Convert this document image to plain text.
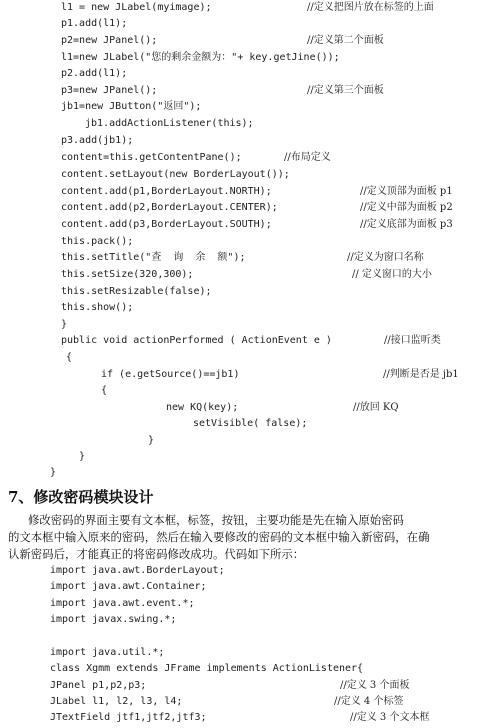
l1 = new JLabel(myimage);	//定义把图片放在标签的上面
p1.add(l1);
p2=new JPanel();	//定义第二个面板
l1=new JLabel("您的剩余金额为："+ key.getJine());
p2.add(l1);
p3=new JPanel();	//定义第三个面板
jb1=new JButton("返回");
jb1.addActionListener(this);
p3.add(jb1);
content=this.getContentPane();	//布局定义
content.setLayout(new BorderLayout());
content.add(p1,BorderLayout.NORTH);	//定义顶部为面板 p1
content.add(p2,BorderLayout.CENTER);	//定义中部为面板 p2
content.add(p3,BorderLayout.SOUTH);	//定义底部为面板 p3
this.pack();
this.setTitle("查  询  余  额");	//定义为窗口名称
this.setSize(320,300);	// 定义窗口的大小
this.setResizable(false);
this.show();
}
public void actionPerformed ( ActionEvent e )	//接口监听类
{
if (e.getSource()==jb1)	//判断是否是 jb1
{
new KQ(key);	//放回 KQ
setVisible( false);
}
}
}
7、修改密码模块设计
修改密码的界面主要有文本框，标签，按钮，主要功能是先在输入原始密码
的文本框中输入原来的密码，然后在输入要修改的密码的文本框中输入新密码，在确
认新密码后，才能真正的将密码修改成功。代码如下所示：
import java.awt.BorderLayout;
import java.awt.Container;
import java.awt.event.*;
import javax.swing.*;
import java.util.*;
class Xgmm extends JFrame implements ActionListener{
JPanel p1,p2,p3;	//定义 3 个面板
JLabel l1, l2, l3, l4;	//定义 4 个标签
JTextField jtf1,jtf2,jtf3;	//定义 3 个文本框
